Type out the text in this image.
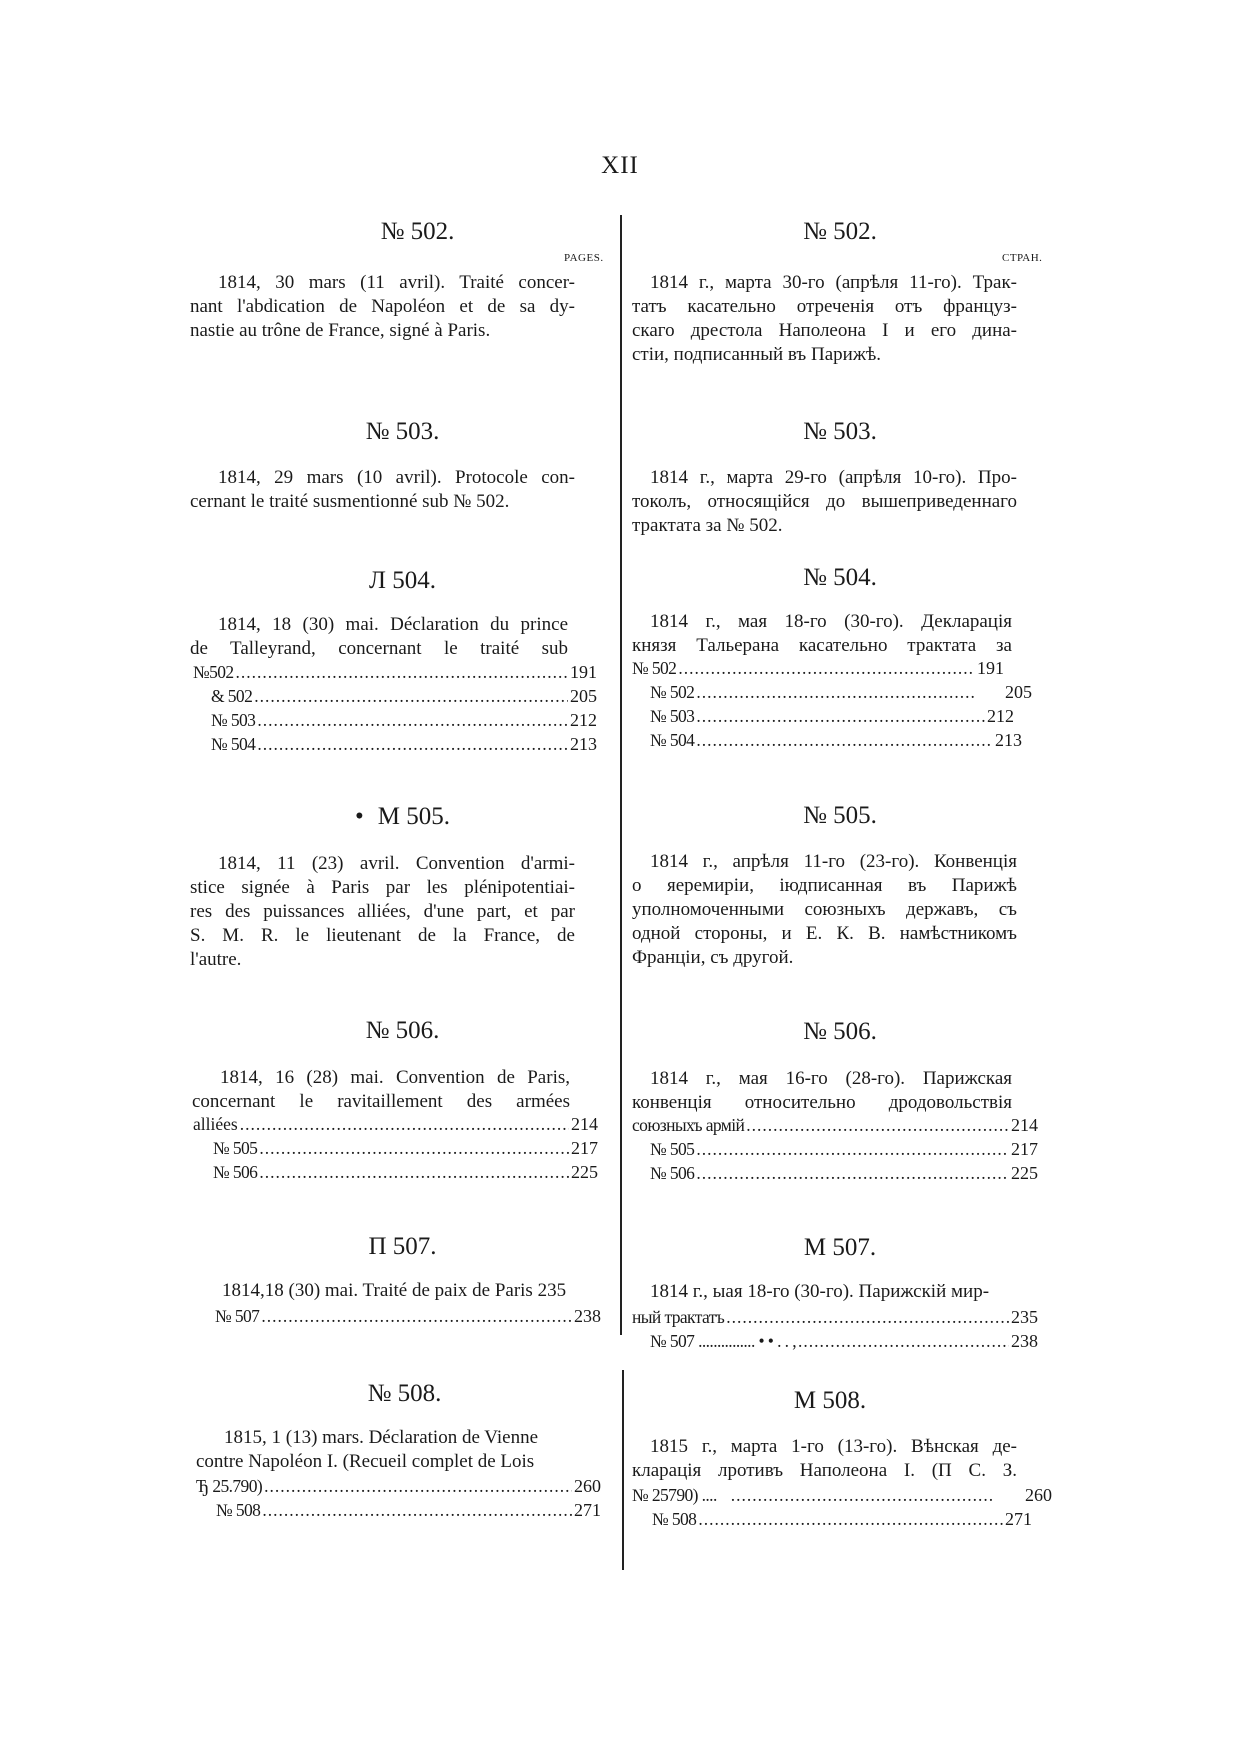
XII
№ 502.
PAGES.
1814, 30 mars (11 avril). Traité concer-
nant l'abdication de Napoléon et de sa dy-
nastie au trône de France, signé à Paris.
№ 503.
1814, 29 mars (10 avril). Protocole con-
cernant le traité susmentionné sub № 502.
Л 504.
1814, 18 (30) mai. Déclaration du prince
de Talleyrand, concernant le traité sub
№502 .....	191
& 502 .....	205
№ 503 .....	212
№ 504 .....	213
• М 505.
1814, 11 (23) avril. Convention d'armi-
stice signée à Paris par les plénipotentiai-
res des puissances alliées, d'une part, et par
S. M. R. le lieutenant de la France, de
l'autre.
№ 506.
1814, 16 (28) mai. Convention de Paris,
concernant le ravitaillement des armées
alliées .....	214
№ 505 .....	217
№ 506 .....	225
П 507.
1814,18 (30) mai. Traité de paix de Paris 235
№ 507 .....	238
№ 508.
1815, 1 (13) mars. Déclaration de Vienne
contre Napoléon I. (Recueil complet de Lois
Ђ 25.790) .....	260
№ 508 .....	271
№ 502.
СТРАН.
1814 г., марта 30-го (апрѣля 11-го). Трак-
татъ касательно отреченія отъ француз-
скаго дрестола Наполеона I и его дина-
стіи, подписанный въ Парижѣ.
№ 503.
1814 г., марта 29-го (апрѣля 10-го). Про-
токолъ, относящійся до вышеприведеннаго
трактата за № 502.
№ 504.
1814 г., мая 18-го (30-го). Декларація
князя Тальерана касательно трактата за
№ 502 .....	191
№ 502 .....	205
№ 503 .....	212
№ 504 .....	213
№ 505.
1814 г., апрѣля 11-го (23-го). Конвенція
о яеремиріи, іюдписанная въ Парижѣ
уполномоченными союзныхъ державъ, съ
одной стороны, и Е. К. В. намѣстникомъ
Франціи, съ другой.
№ 506.
1814 г., мая 16-го (28-го). Парижская
конвенція относительно дродовольствія
союзныхъ армій .....	214
№ 505 .....	217
№ 506 .....	225
М 507.
1814 г., ыая 18-го (30-го). Парижскій мир-
ный трактатъ .....	235
№ 507 ............... • • . . , .....	238
М 508.
1815 г., марта 1-го (13-го). Вѣнская де-
кларація лротивъ Наполеона I. (П С. З.
№ 25790) .... .....	260
№ 508 .....	271
